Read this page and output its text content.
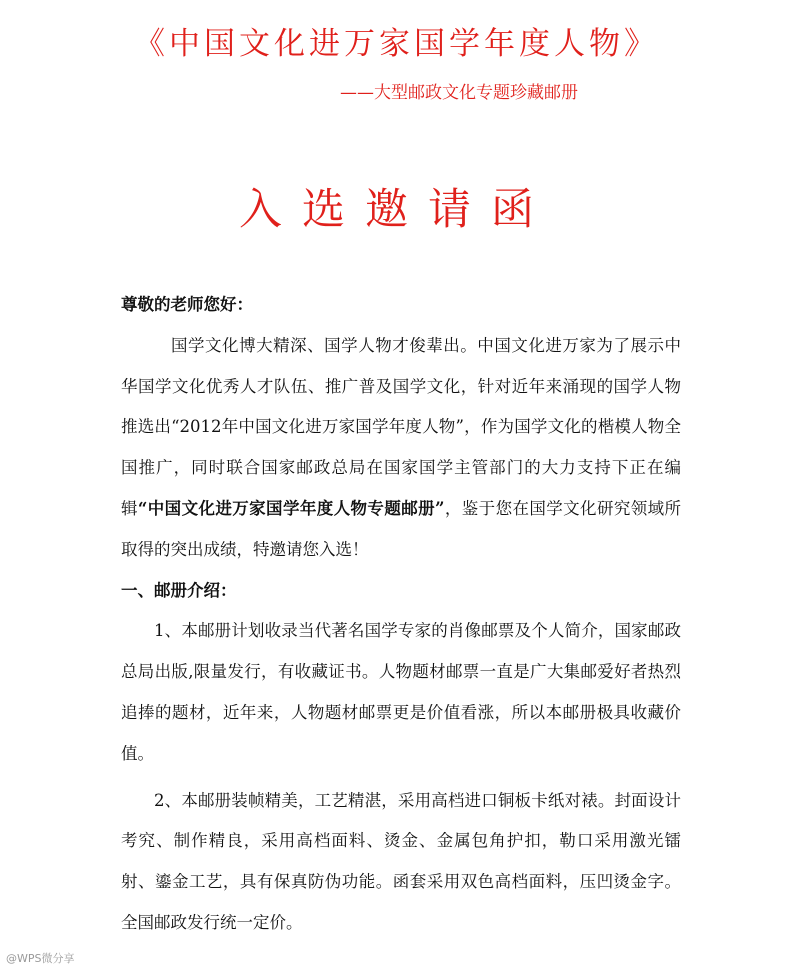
《中国文化进万家国学年度人物》
——大型邮政文化专题珍藏邮册
入选邀请函

尊敬的老师您好：

国学文化博大精深、国学人物才俊辈出。中国文化进万家为了展示中华国学文化优秀人才队伍、推广普及国学文化，针对近年来涌现的国学人物推选出“2012年中国文化进万家国学年度人物”，作为国学文化的楷模人物全国推广，同时联合国家邮政总局在国家国学主管部门的大力支持下正在编辑“中国文化进万家国学年度人物专题邮册”，鉴于您在国学文化研究领域所取得的突出成绩，特邀请您入选！

一、邮册介绍：

1、本邮册计划收录当代著名国学专家的肖像邮票及个人简介，国家邮政总局出版,限量发行，有收藏证书。人物题材邮票一直是广大集邮爱好者热烈追捧的题材，近年来，人物题材邮票更是价值看涨，所以本邮册极具收藏价值。

2、本邮册装帧精美，工艺精湛，采用高档进口铜板卡纸对裱。封面设计考究、制作精良，采用高档面料、烫金、金属包角护扣，勒口采用激光镭射、鎏金工艺，具有保真防伪功能。函套采用双色高档面料，压凹烫金字。全国邮政发行统一定价。

@WPS微分享
